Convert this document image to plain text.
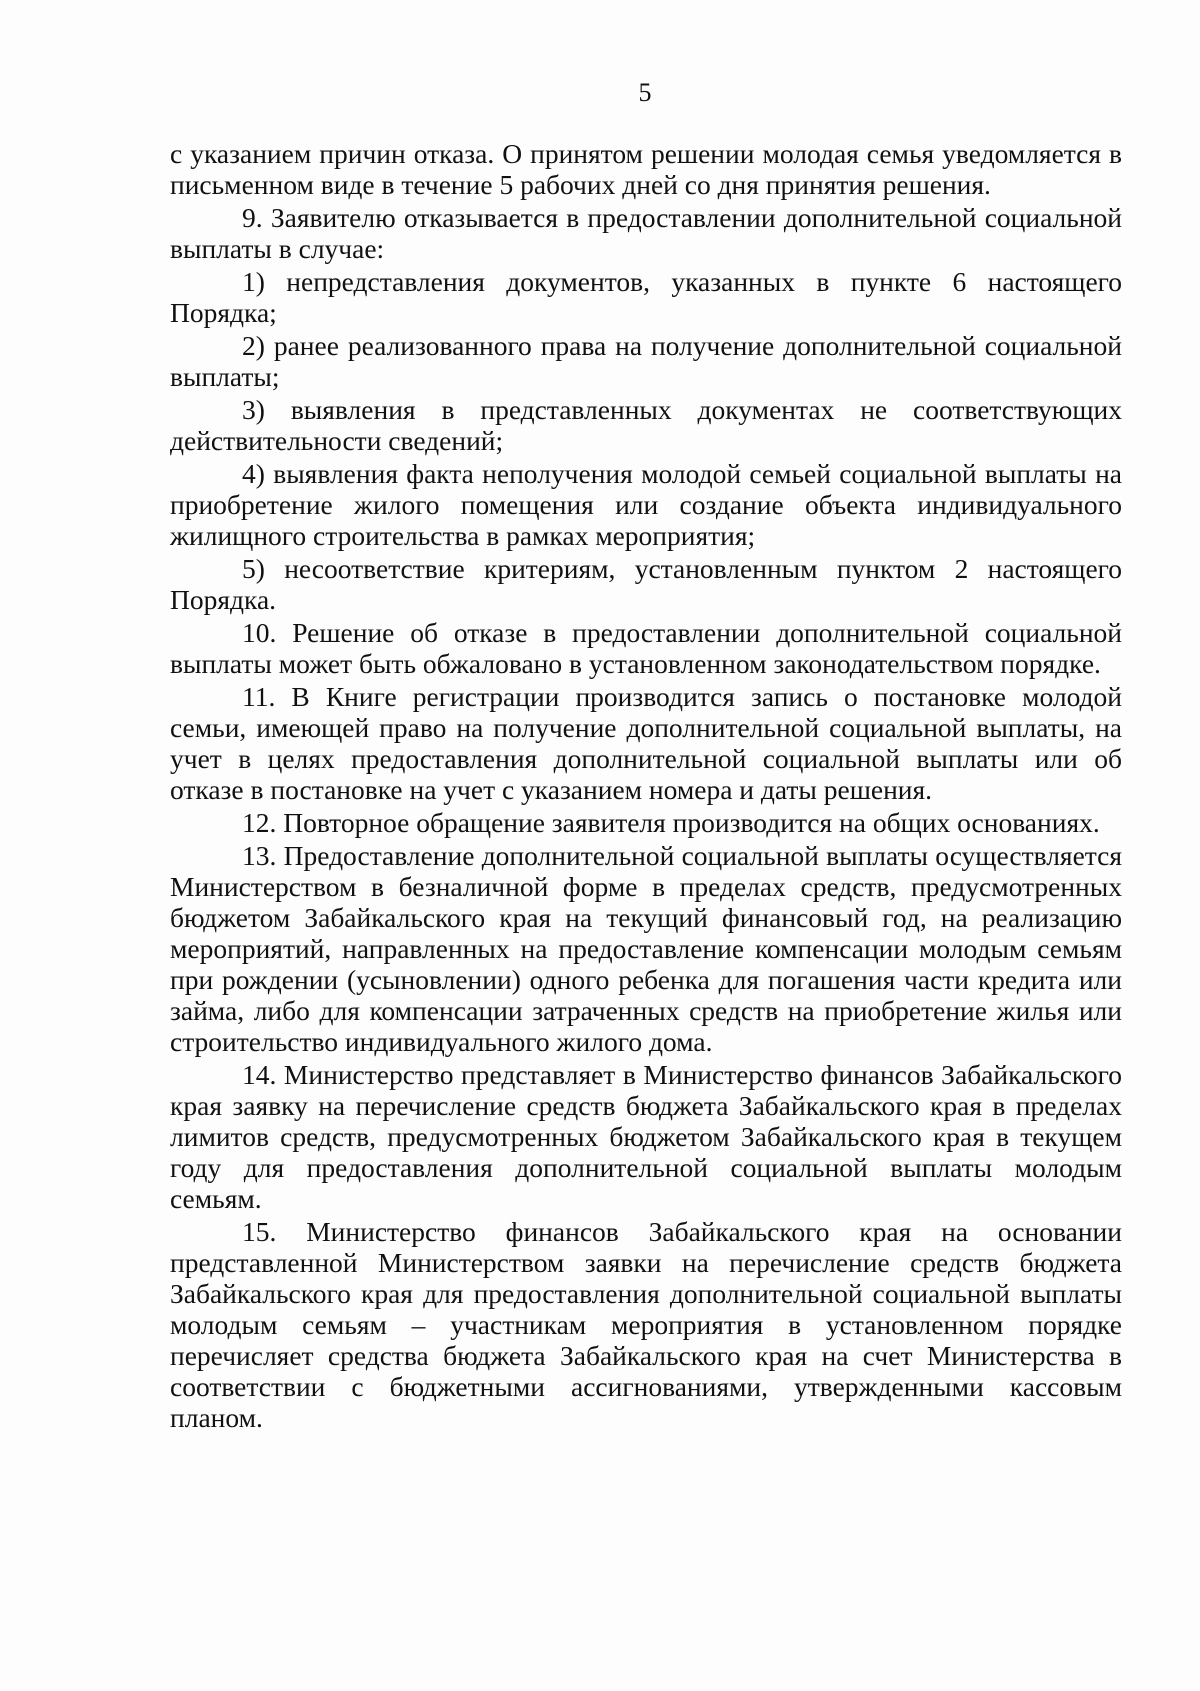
5

с указанием причин отказа. О принятом решении молодая семья уведомляется в письменном виде в течение 5 рабочих дней со дня принятия решения.

9. Заявителю отказывается в предоставлении дополнительной социальной выплаты в случае:

1) непредставления документов, указанных в пункте 6 настоящего Порядка;

2) ранее реализованного права на получение дополнительной социальной выплаты;

3) выявления в представленных документах не соответствующих действительности сведений;

4) выявления факта неполучения молодой семьей социальной выплаты на приобретение жилого помещения или создание объекта индивидуального жилищного строительства в рамках мероприятия;

5) несоответствие критериям, установленным пунктом 2 настоящего Порядка.

10. Решение об отказе в предоставлении дополнительной социальной выплаты может быть обжаловано в установленном законодательством порядке.

11. В Книге регистрации производится запись о постановке молодой семьи, имеющей право на получение дополнительной социальной выплаты, на учет в целях предоставления дополнительной социальной выплаты или об отказе в постановке на учет с указанием номера и даты решения.

12. Повторное обращение заявителя производится на общих основаниях.

13. Предоставление дополнительной социальной выплаты осуществляется Министерством в безналичной форме в пределах средств, предусмотренных бюджетом Забайкальского края на текущий финансовый год, на реализацию мероприятий, направленных на предоставление компенсации молодым семьям при рождении (усыновлении) одного ребенка для погашения части кредита или займа, либо для компенсации затраченных средств на приобретение жилья или строительство индивидуального жилого дома.

14. Министерство представляет в Министерство финансов Забайкальского края заявку на перечисление средств бюджета Забайкальского края в пределах лимитов средств, предусмотренных бюджетом Забайкальского края в текущем году для предоставления дополнительной социальной выплаты молодым семьям.

15. Министерство финансов Забайкальского края на основании представленной Министерством заявки на перечисление средств бюджета Забайкальского края для предоставления дополнительной социальной выплаты молодым семьям – участникам мероприятия в установленном порядке перечисляет средства бюджета Забайкальского края на счет Министерства в соответствии с бюджетными ассигнованиями, утвержденными кассовым планом.
